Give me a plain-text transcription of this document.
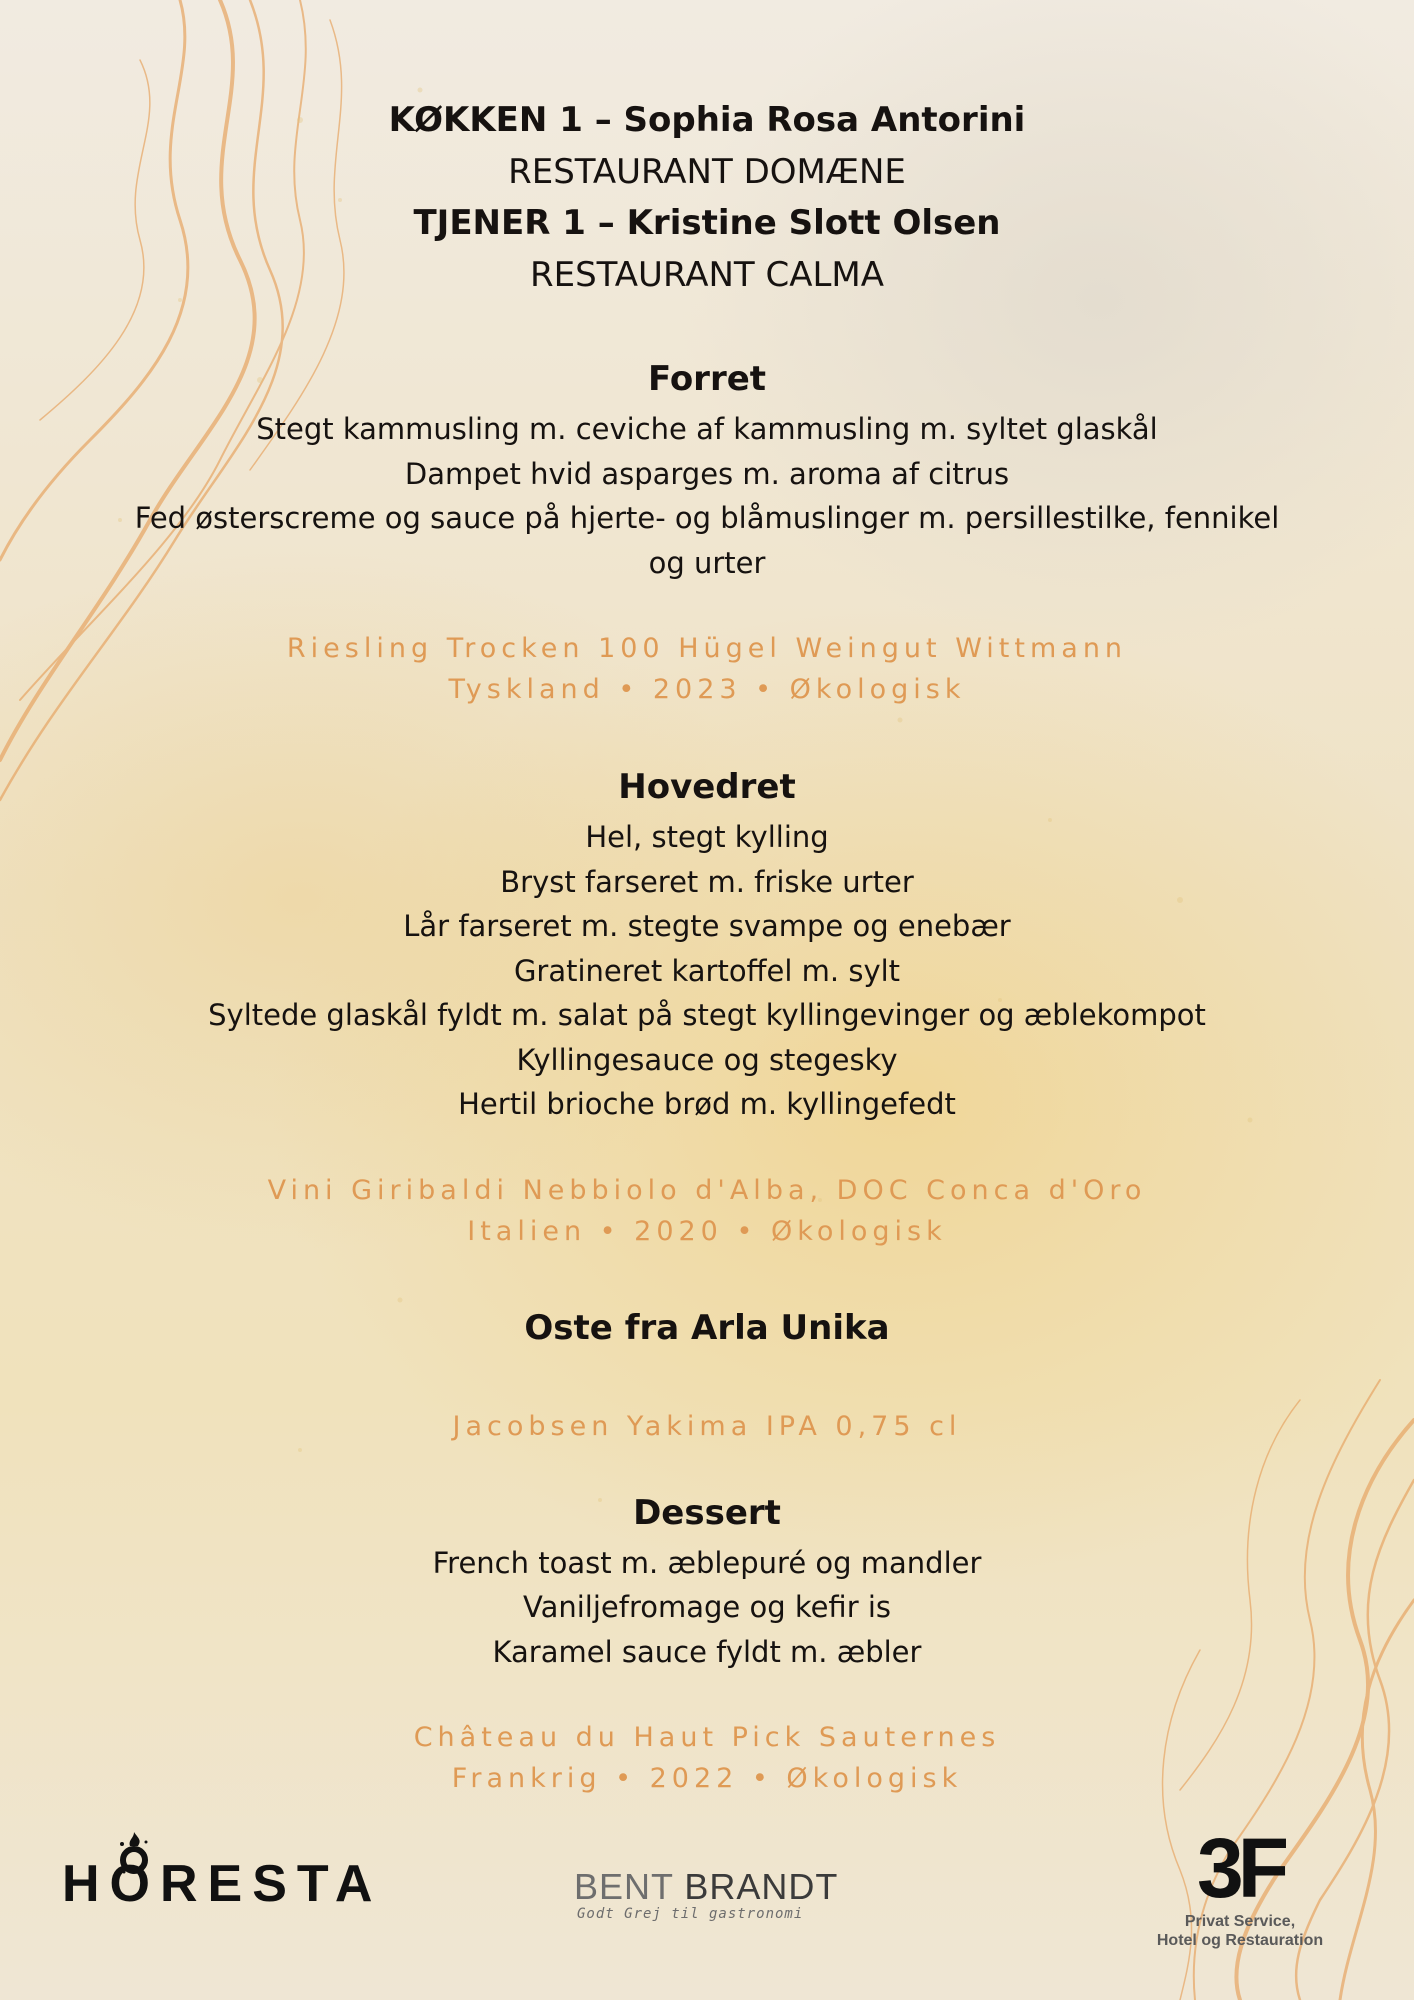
KØKKEN 1 – Sophia Rosa Antorini
RESTAURANT DOMÆNE
TJENER 1 – Kristine Slott Olsen
RESTAURANT CALMA
Forret
Stegt kammusling m. ceviche af kammusling m. syltet glaskål
Dampet hvid asparges m. aroma af citrus
Fed østerscreme og sauce på hjerte- og blåmuslinger m. persillestilke, fennikel
og urter
Riesling Trocken 100 Hügel Weingut Wittmann
Tyskland • 2023 • Økologisk
Hovedret
Hel, stegt kylling
Bryst farseret m. friske urter
Lår farseret m. stegte svampe og enebær
Gratineret kartoffel m. sylt
Syltede glaskål fyldt m. salat på stegt kyllingevinger og æblekompot
Kyllingesauce og stegesky
Hertil brioche brød m. kyllingefedt
Vini Giribaldi Nebbiolo d'Alba, DOC Conca d'Oro
Italien • 2020 • Økologisk
Oste fra Arla Unika
Jacobsen Yakima IPA 0,75 cl
Dessert
French toast m. æblepuré og mandler
Vaniljefromage og kefir is
Karamel sauce fyldt m. æbler
Château du Haut Pick Sauternes
Frankrig • 2022 • Økologisk
HORESTA	BENT BRANDT
Godt Grej til gastronomi	3F
Privat Service,
Hotel og Restauration
